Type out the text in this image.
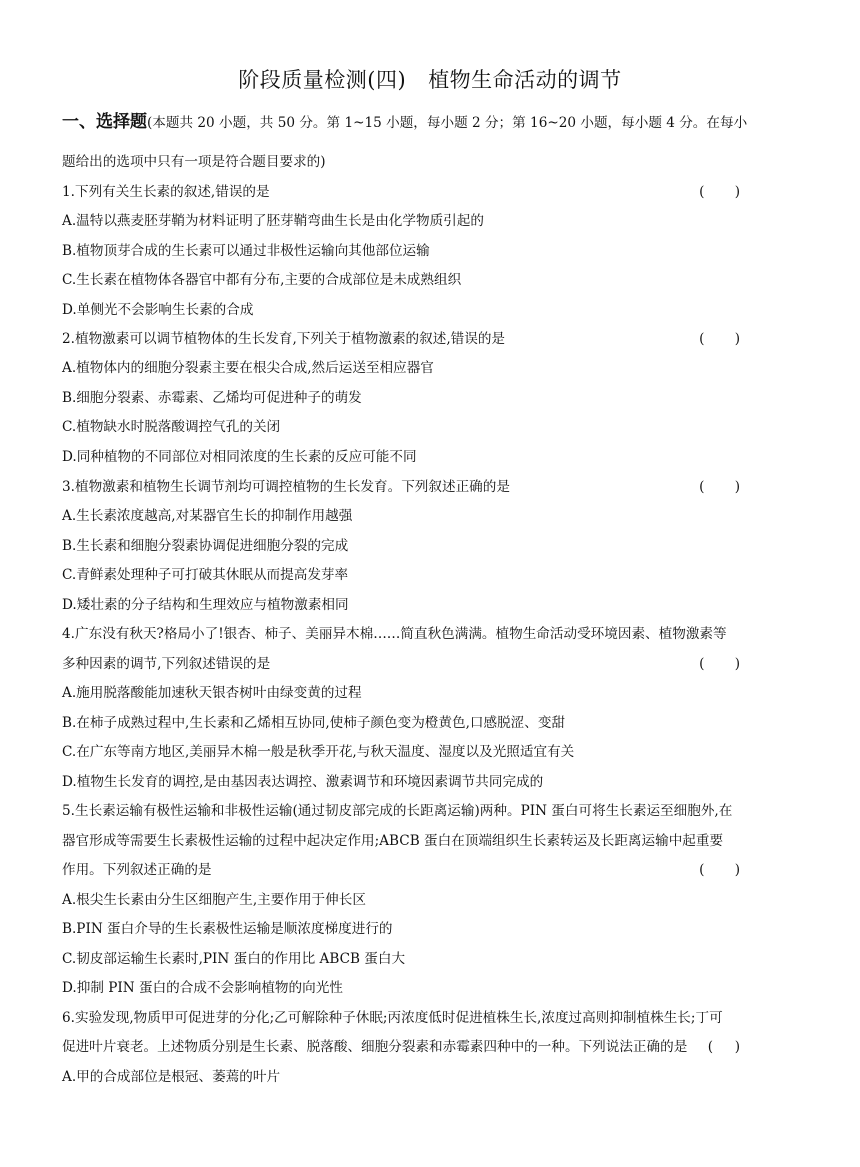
阶段质量检测(四) 植物生命活动的调节
一、选择题(本题共 20 小题，共 50 分。第 1~15 小题，每小题 2 分；第 16~20 小题，每小题 4 分。在每小
题给出的选项中只有一项是符合题目要求的)
1.下列有关生长素的叙述,错误的是	(       )
A.温特以燕麦胚芽鞘为材料证明了胚芽鞘弯曲生长是由化学物质引起的
B.植物顶芽合成的生长素可以通过非极性运输向其他部位运输
C.生长素在植物体各器官中都有分布,主要的合成部位是未成熟组织
D.单侧光不会影响生长素的合成
2.植物激素可以调节植物体的生长发育,下列关于植物激素的叙述,错误的是	(       )
A.植物体内的细胞分裂素主要在根尖合成,然后运送至相应器官
B.细胞分裂素、赤霉素、乙烯均可促进种子的萌发
C.植物缺水时脱落酸调控气孔的关闭
D.同种植物的不同部位对相同浓度的生长素的反应可能不同
3.植物激素和植物生长调节剂均可调控植物的生长发育。下列叙述正确的是	(       )
A.生长素浓度越高,对某器官生长的抑制作用越强
B.生长素和细胞分裂素协调促进细胞分裂的完成
C.青鲜素处理种子可打破其休眠从而提高发芽率
D.矮壮素的分子结构和生理效应与植物激素相同
4.广东没有秋天?格局小了!银杏、柿子、美丽异木棉……简直秋色满满。植物生命活动受环境因素、植物激素等
多种因素的调节,下列叙述错误的是	(       )
A.施用脱落酸能加速秋天银杏树叶由绿变黄的过程
B.在柿子成熟过程中,生长素和乙烯相互协同,使柿子颜色变为橙黄色,口感脱涩、变甜
C.在广东等南方地区,美丽异木棉一般是秋季开花,与秋天温度、湿度以及光照适宜有关
D.植物生长发育的调控,是由基因表达调控、激素调节和环境因素调节共同完成的
5.生长素运输有极性运输和非极性运输(通过韧皮部完成的长距离运输)两种。PIN 蛋白可将生长素运至细胞外,在
器官形成等需要生长素极性运输的过程中起决定作用;ABCB 蛋白在顶端组织生长素转运及长距离运输中起重要
作用。下列叙述正确的是	(       )
A.根尖生长素由分生区细胞产生,主要作用于伸长区
B.PIN 蛋白介导的生长素极性运输是顺浓度梯度进行的
C.韧皮部运输生长素时,PIN 蛋白的作用比 ABCB 蛋白大
D.抑制 PIN 蛋白的合成不会影响植物的向光性
6.实验发现,物质甲可促进芽的分化;乙可解除种子休眠;丙浓度低时促进植株生长,浓度过高则抑制植株生长;丁可
促进叶片衰老。上述物质分别是生长素、脱落酸、细胞分裂素和赤霉素四种中的一种。下列说法正确的是 (     )
A.甲的合成部位是根冠、萎蔫的叶片
